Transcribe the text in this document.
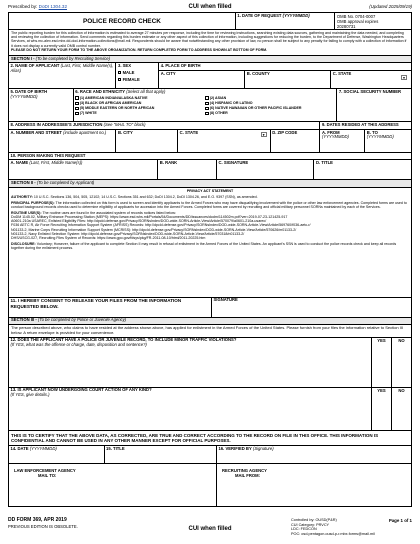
Prescribed by: DoDI 1304.32	CUI when filled	(Updated 2025/09/19)
POLICE RECORD CHECK
1. DATE OF REQUEST (YYYYMMDD)	OMB No. 0704-0007
OMB approval expires
20280731
The public reporting burden for this collection of information is estimated to average 27 minutes per response, including the time for reviewing instructions, searching existing data sources, gathering and maintaining the data needed, and completing and reviewing the collection of information. Send comments regarding this burden estimate or any other aspect of this collection of information, including suggestions for reducing the burden, to the Department of Defense, Washington Headquarters Services, at whs.mc-alex.esd.mbx.dd-dod-information-collections@mail.mil. Respondents should be aware that notwithstanding any other provision of law, no person shall be subject to any penalty for failing to comply with a collection of information if it does not display a currently valid OMB control number.
PLEASE DO NOT RETURN YOUR FORM TO THE ABOVE ORGANIZATION. RETURN COMPLETED FORM TO ADDRESS SHOWN AT BOTTOM OF FORM.
SECTION I - (To be completed by Recruiting Service)
2. NAME OF APPLICANT (Last, First, Middle Name(s), Alias)
3. SEX
MALE
FEMALE
4. PLACE OF BIRTH
A. CITY	B. COUNTY	C. STATE
▾
5. DATE OF BIRTH
(YYYYMMDD)
6. RACE AND ETHNICITY (Select all that apply)
(1) AMERICAN INDIAN/ALASKA NATIVE
(3) BLACK OR AFRICAN AMERICAN
(5) MIDDLE EASTERN OR NORTH AFRICAN
(7) WHITE
(2) ASIAN
(4) HISPANIC OR LATINO
(6) NATIVE HAWAIIAN OR OTHER PACIFIC ISLANDER
(8) OTHER
7. SOCIAL SECURITY NUMBER
8. ADDRESS IN ADDRESSEE'S JURISDICTION (See "MAIL TO" block)	9. DATES RESIDED AT THIS ADDRESS
A. NUMBER AND STREET (include apartment no.)	B. CITY	C. STATE
▾
D. ZIP CODE	A. FROM
(YYYYMMDD)
B. TO
(YYYYMMDD)
10. PERSON MAKING THIS REQUEST
A. NAME (Last, First, Middle Name(s))	B. RANK	C. SIGNATURE	D. TITLE
SECTION II - (To be completed by Applicant)
PRIVACY ACT STATEMENT
AUTHORITY: 10 U.S.C. Sections 136, 504, 505, 12102; 14 U.S.C. Sections 351 and 632; DoDI 1304.2, DoDI 1304.26, and E.O. 9397 (SSN), as amended.
PRINCIPAL PURPOSE(S): The information collected on this form is used to screen and identify applicants to the Armed Forces who may have disqualifying involvement with the police or other law enforcement agencies. Completed forms are used to conduct background records checks used to determine eligibility of applicants for accession into the Armed Forces. Completed forms are covered by recruiting and official military personnel SORNs maintained by each of the Services.
ROUTINE USE(S): The routine uses are found in the associated system of records notices listed below:
DoDM 1145.02, Military Entrance Processing Station (MEPS): https://www.esd.whs.mil/Portals/54/Documents/DD/issuances/dodm/114502m.pdf?ver=2019-07-23-121425-917
A0601-210a USAREC, Enlisted Eligibility Files: http://dpcld.defense.gov/Privacy/SORNsIndex/DOD-wide-SORN-Article-View/Article/570079/a0601-210a-usarec/
F036 AETC R, Air Force Recruiting Information Support System (AFRISS) Records: http://dpcld.defense.gov/Privacy/SORNsIndex/DOD-wide-SORN-Article-View/Article/569760/f036-aetc-r/
N01133-2, Marine Corps Recruiting Information Support System (MCRISS): http://dpcld.defense.gov/Privacy/SORNsIndex/DOD-wide-SORN-Article-View/Article/570626/m01133-2/
N01133-2, Navy Enlisted Selection System: http://dpcld.defense.gov/Privacy/SORNsIndex/DOD-wide-SORN-Article-View/Article/570318/n01133-2/
DHS/USCG-027, Recruiting Files System of Records: https://www.gpo.gov/fdsys/pkg/FR-2011-08-10/html/2011-20225.htm
DISCLOSURE: Voluntary; However, failure of the applicant to complete Section II may result in refusal of enlistment in the Armed Forces of the United States. An applicant's SSN is used to conduct the police records check and keep all records together during the enlistment process.
11. I HEREBY CONSENT TO RELEASE YOUR FILES FROM THE INFORMATION REQUESTED BELOW.
SIGNATURE
SECTION III - (To be completed by Police or Juvenile Agency)
The person described above, who claims to have resided at the address shown above, has applied for enlistment in the Armed Forces of the United States. Please furnish from your files the information relative to Section III below. A return envelope is provided for your convenience.
12. DOES THE APPLICANT HAVE A POLICE OR JUVENILE RECORD, TO INCLUDE MINOR TRAFFIC VIOLATIONS?
(If YES, what was the offense or charge, date, disposition and sentence?)
YES	NO
13. IS APPLICANT NOW UNDERGOING COURT ACTION OF ANY KIND?
(If YES, give details.)
YES	NO
THIS IS TO CERTIFY THAT THE ABOVE DATA, AS CORRECTED, ARE TRUE AND CORRECT ACCORDING TO THE RECORD ON FILE IN THIS OFFICE. THIS INFORMATION IS CONFIDENTIAL AND CANNOT BE USED IN ANY OTHER MANNER EXCEPT FOR OFFICIAL PURPOSES.
14. DATE (YYYYMMDD)	15. TITLE	16. VERIFIED BY (Signature)
LAW ENFORCEMENT AGENCY
MAIL TO:
RECRUITING AGENCY
MAIL FROM:
DD FORM 369, APR 2019
PREVIOUS EDITION IS OBSOLETE.	CUI when filled
Controlled by: OUSD(P&R)
CUI Category: PRVCY
LDC: FEDCON
POC: osd.pentagon.ousd-p-r.mbx.forms@mail.mil
Page 1 of 1
